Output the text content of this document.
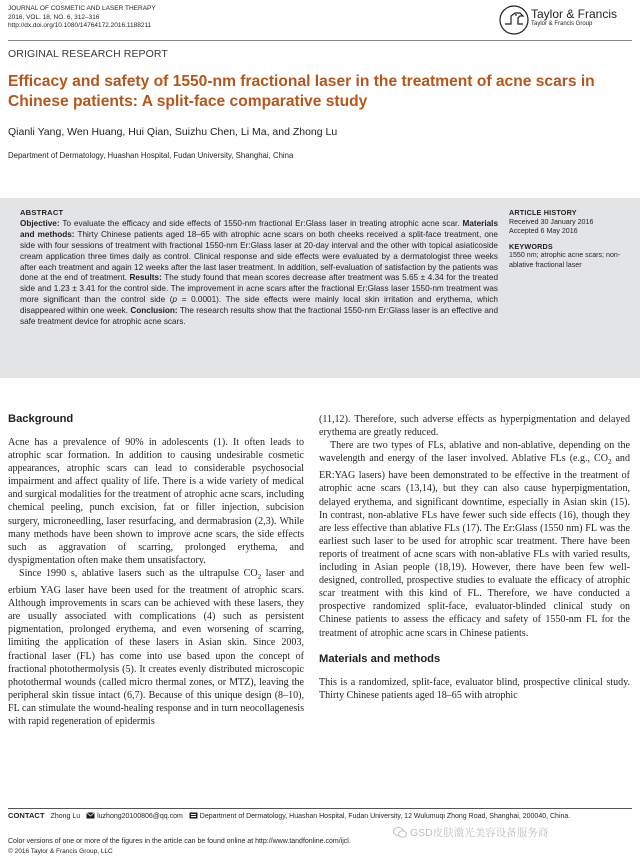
JOURNAL OF COSMETIC AND LASER THERAPY
2016, VOL. 18, NO. 6, 312–316
http://dx.doi.org/10.1080/14764172.2016.1188211
Taylor & Francis
Taylor & Francis Group
ORIGINAL RESEARCH REPORT
Efficacy and safety of 1550-nm fractional laser in the treatment of acne scars in Chinese patients: A split-face comparative study
Qianli Yang, Wen Huang, Hui Qian, Suizhu Chen, Li Ma, and Zhong Lu
Department of Dermatology, Huashan Hospital, Fudan University, Shanghai, China
ABSTRACT
Objective: To evaluate the efficacy and side effects of 1550-nm fractional Er:Glass laser in treating atrophic acne scar. Materials and methods: Thirty Chinese patients aged 18–65 with atrophic acne scars on both cheeks received a split-face treatment, one side with four sessions of treatment with fractional 1550-nm Er:Glass laser at 20-day interval and the other with topical asiaticoside cream application three times daily as control. Clinical response and side effects were evaluated by a dermatologist three weeks after each treatment and again 12 weeks after the last laser treatment. In addition, self-evaluation of satisfaction by the patients was done at the end of treatment. Results: The study found that mean scores decrease after treatment was 5.65 ± 4.34 for the treated side and 1.23 ± 3.41 for the control side. The improvement in acne scars after the fractional Er:Glass laser 1550-nm treatment was more significant than the control side (p = 0.0001). The side effects were mainly local skin irritation and erythema, which disappeared within one week. Conclusion: The research results show that the fractional 1550-nm Er:Glass laser is an effective and safe treatment device for atrophic acne scars.
ARTICLE HISTORY
Received 30 January 2016
Accepted 6 May 2016
KEYWORDS
1550 nm; atrophic acne scars; non-ablative fractional laser
Background

Acne has a prevalence of 90% in adolescents (1). It often leads to atrophic scar formation. In addition to causing undesirable cosmetic appearances, atrophic scars can lead to considerable psychosocial impairment and affect quality of life. There is a wide variety of medical and surgical modalities for the treatment of atrophic acne scars, including chemical peeling, punch excision, fat or filler injection, subcision surgery, microneedling, laser resurfacing, and dermabrasion (2,3). While many methods have been shown to improve acne scars, the side effects such as aggravation of scarring, prolonged erythema, and dyspigmentation often make them unsatisfactory.

Since 1990 s, ablative lasers such as the ultrapulse $CO_2$ laser and erbium YAG laser have been used for the treatment of atrophic scars. Although improvements in scars can be achieved with these lasers, they are usually associated with complications (4) such as persistent pigmentation, prolonged erythema, and even worsening of scarring, limiting the application of these lasers in Asian skin. Since 2003, fractional laser (FL) has come into use based upon the concept of fractional photothermolysis (5). It creates evenly distributed microscopic photothermal wounds (called micro thermal zones, or MTZ), leaving the peripheral skin tissue intact (6,7). Because of this unique design (8–10), FL can stimulate the wound-healing response and in turn neocollagenesis with rapid regeneration of epidermis

(11,12). Therefore, such adverse effects as hyperpigmentation and delayed erythema are greatly reduced.

There are two types of FLs, ablative and non-ablative, depending on the wavelength and energy of the laser involved. Ablative FLs (e.g., $CO_2$ and ER:YAG lasers) have been demonstrated to be effective in the treatment of atrophic acne scars (13,14), but they can also cause hyperpigmentation, delayed erythema, and significant downtime, especially in Asian skin (15). In contrast, non-ablative FLs have fewer such side effects (16), though they are less effective than ablative FLs (17). The Er:Glass (1550 nm) FL was the earliest such laser to be used for atrophic scar treatment. There have been reports of treatment of acne scars with non-ablative FLs with varied results, including in Asian people (18,19). However, there have been few well-designed, controlled, prospective studies to evaluate the efficacy of atrophic scar treatment with this kind of FL. Therefore, we have conducted a prospective randomized split-face, evaluator-blinded clinical study on Chinese patients to assess the efficacy and safety of 1550-nm FL for the treatment of atrophic acne scars in Chinese patients.

Materials and methods

This is a randomized, split-face, evaluator blind, prospective clinical study. Thirty Chinese patients aged 18–65 with atrophic

CONTACT Zhong Lu luzhong20100806@qq.com Department of Dermatology, Huashan Hospital, Fudan University, 12 Wulumuqi Zhong Road, Shanghai, 200040, China.
Color versions of one or more of the figures in the article can be found online at http://www.tandfonline.com/ijcl.
© 2016 Taylor & Francis Group, LLC
GSD皮肤激光美容设备服务商
